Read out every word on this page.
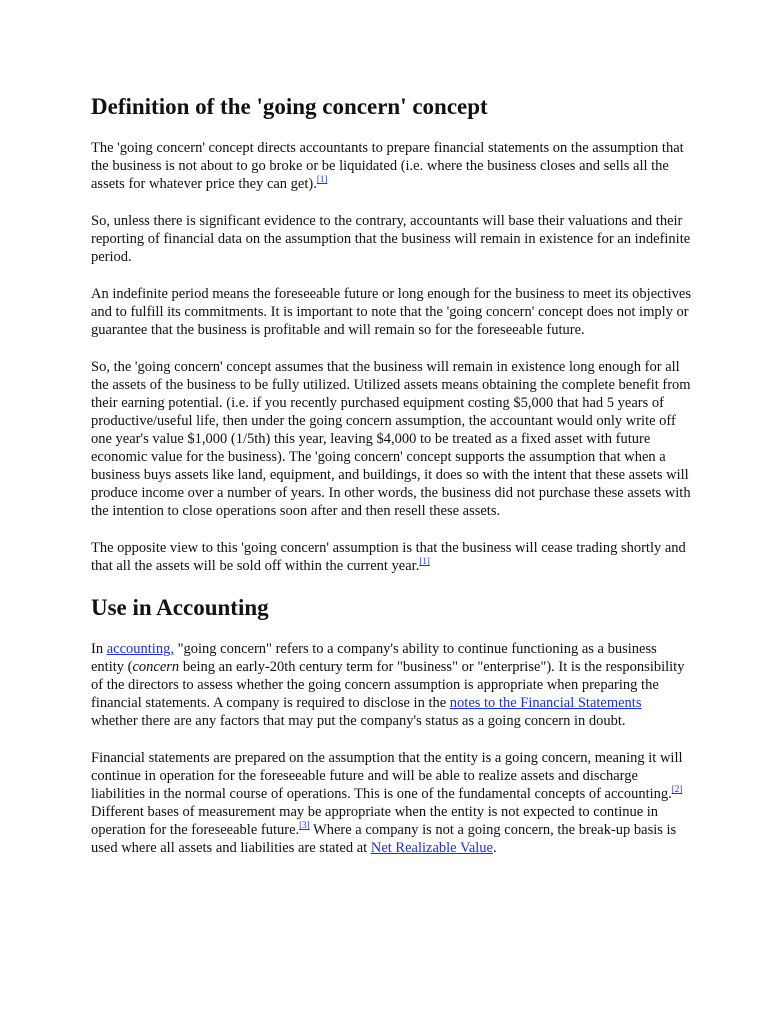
Definition of the 'going concern' concept

The 'going concern' concept directs accountants to prepare financial statements on the assumption that the business is not about to go broke or be liquidated (i.e. where the business closes and sells all the assets for whatever price they can get).[1]

So, unless there is significant evidence to the contrary, accountants will base their valuations and their reporting of financial data on the assumption that the business will remain in existence for an indefinite period.

An indefinite period means the foreseeable future or long enough for the business to meet its objectives and to fulfill its commitments. It is important to note that the 'going concern' concept does not imply or guarantee that the business is profitable and will remain so for the foreseeable future.

So, the 'going concern' concept assumes that the business will remain in existence long enough for all the assets of the business to be fully utilized. Utilized assets means obtaining the complete benefit from their earning potential. (i.e. if you recently purchased equipment costing $5,000 that had 5 years of productive/useful life, then under the going concern assumption, the accountant would only write off one year's value $1,000 (1/5th) this year, leaving $4,000 to be treated as a fixed asset with future economic value for the business). The 'going concern' concept supports the assumption that when a business buys assets like land, equipment, and buildings, it does so with the intent that these assets will produce income over a number of years. In other words, the business did not purchase these assets with the intention to close operations soon after and then resell these assets.

The opposite view to this 'going concern' assumption is that the business will cease trading shortly and that all the assets will be sold off within the current year.[1]

Use in Accounting

In accounting, "going concern" refers to a company's ability to continue functioning as a business entity (concern being an early-20th century term for "business" or "enterprise"). It is the responsibility of the directors to assess whether the going concern assumption is appropriate when preparing the financial statements. A company is required to disclose in the notes to the Financial Statements whether there are any factors that may put the company's status as a going concern in doubt.

Financial statements are prepared on the assumption that the entity is a going concern, meaning it will continue in operation for the foreseeable future and will be able to realize assets and discharge liabilities in the normal course of operations. This is one of the fundamental concepts of accounting.[2] Different bases of measurement may be appropriate when the entity is not expected to continue in operation for the foreseeable future.[3] Where a company is not a going concern, the break-up basis is used where all assets and liabilities are stated at Net Realizable Value.
